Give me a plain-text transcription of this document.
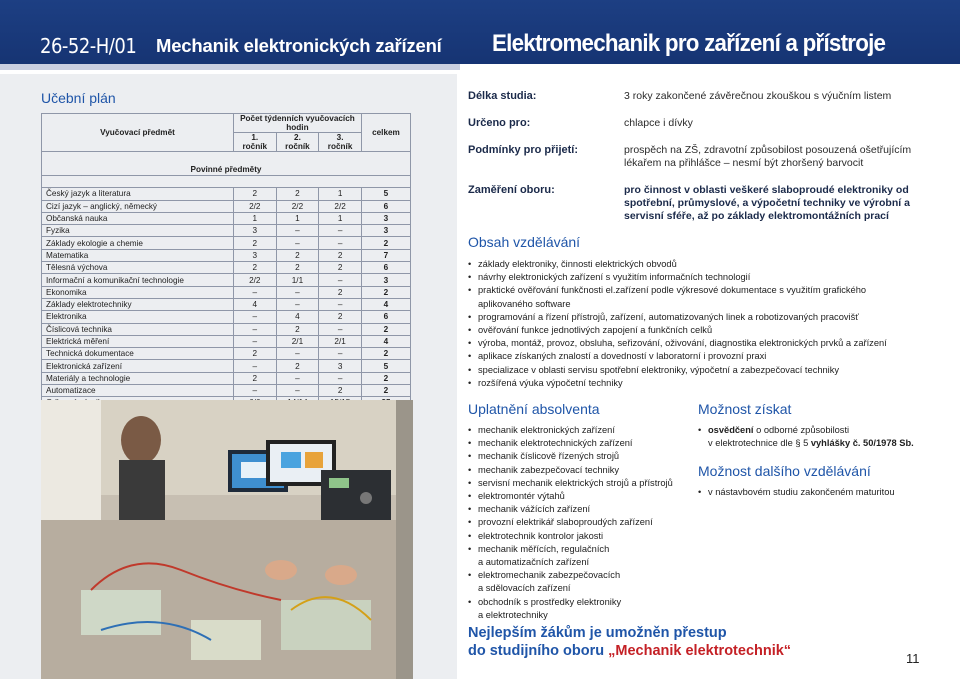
26-52-H/01 Mechanik elektronických zařízení Elektromechanik pro zařízení a přístroje
Učební plán
Vyučovací předmět	Počet týdenních vyučovacích hodin			celkem
	1. ročník	2. ročník	3. ročník	

Povinné předměty				

Český jazyk a literatura	2	2	1	5
Cizí jazyk – anglický, německý	2/2	2/2	2/2	6
Občanská nauka	1	1	1	3
Fyzika	3	–	–	3
Základy ekologie a chemie	2	–	–	2
Matematika	3	2	2	7
Tělesná výchova	2	2	2	6
Informační a komunikační technologie	2/2	1/1	–	3
Ekonomika	–	–	2	2
Základy elektrotechniky	4	–	–	4
Elektronika	–	4	2	6
Číslicová technika	–	2	–	2
Elektrická měření	–	2/1	2/1	4
Technická dokumentace	2	–	–	2
Elektronická zařízení	–	2	3	5
Materiály a technologie	2	–	–	2
Automatizace	–	–	2	2

Délka studia:	3 roky zakončené závěrečnou zkouškou s výučním listem
Určeno pro:	chlapce i dívky
Podmínky pro přijetí:	prospěch na ZŠ, zdravotní způsobilost posouzená ošetřujícím lékařem na přihlášce – nesmí být zhoršený barvocit
Zaměření oboru:	pro činnost v oblasti veškeré slaboproudé elektroniky od spotřební, průmyslové, a výpočetní techniky ve výrobní a servisní sféře, až po základy elektromontážních prací
Obsah vzdělávání
• základy elektroniky, činnosti elektrických obvodů
• návrhy elektronických zařízení s využitím informačních technologií
• praktické ověřování funkčnosti el.zařízení podle výkresové dokumentace s využitím grafického
aplikovaného software
• programování a řízení přístrojů, zařízení, automatizovaných linek a robotizovaných pracovišť
• ověřování funkce jednotlivých zapojení a funkčních celků
• výroba, montáž, provoz, obsluha, seřizování, oživování, diagnostika elektronických prvků a zařízení
• aplikace získaných znalostí a dovedností v laboratorní i provozní praxi
• specializace v oblasti servisu spotřební elektroniky, výpočetní a zabezpečovací techniky
• rozšířená výuka výpočetní techniky
Uplatnění absolventa
• mechanik elektronických zařízení
• mechanik elektrotechnických zařízení
• mechanik číslicově řízených strojů
• mechanik zabezpečovací techniky
• servisní mechanik elektrických strojů a přístrojů
• elektromontér výtahů
• mechanik vážících zařízení
• provozní elektrikář slaboproudých zařízení
• elektrotechnik kontrolor jakosti
• mechanik měřících, regulačních
a automatizačních zařízení
• elektromechanik zabezpečovacích
a sdělovacích zařízení
• obchodník s prostředky elektroniky
a elektrotechniky
Možnost získat
• osvědčení o odborné způsobilosti
v elektrotechnice dle § 5 vyhlášky č. 50/1978 Sb.
Možnost dalšího vzdělávání
• v nástavbovém studiu zakončeném maturitou
Nejlepším žákům je umožněn přestup
do studijního oboru „Mechanik elektrotechnik“	11
